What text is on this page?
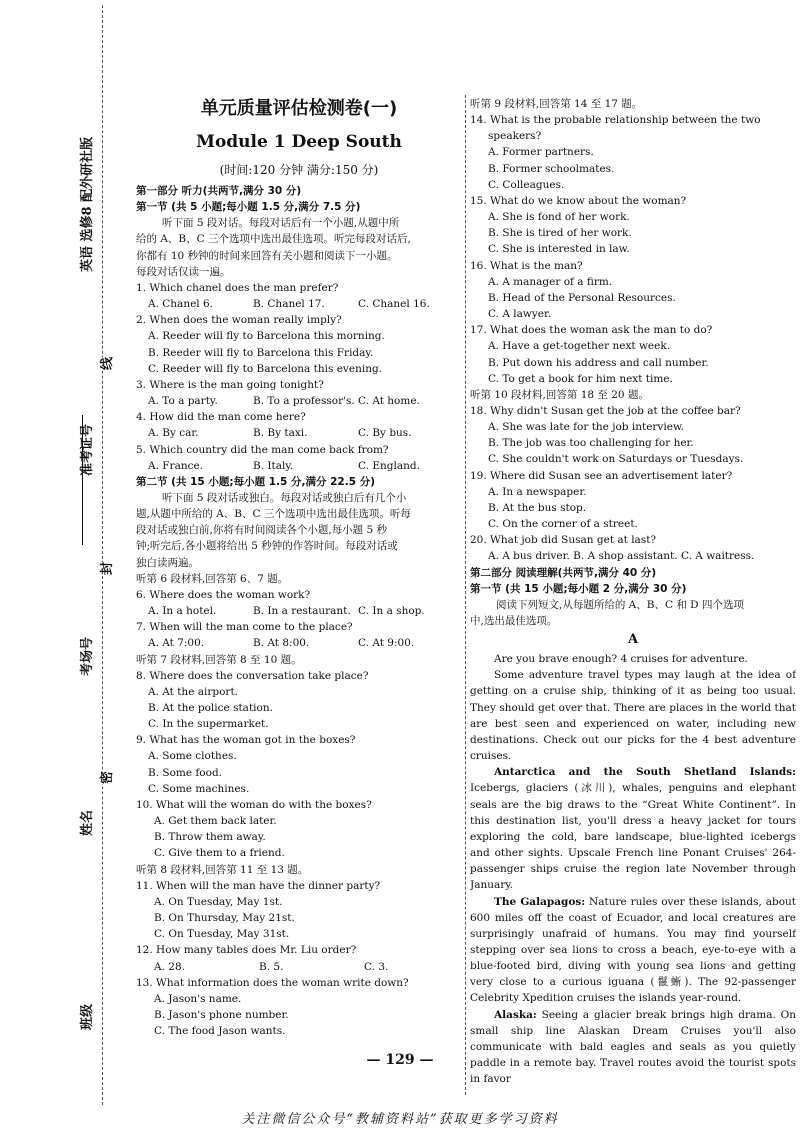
英语 选修8 配外研社版
线
准考证号
封
考场号
密
姓名
班级
单元质量评估检测卷(一)
Module 1 Deep South
(时间:120 分钟 满分:150 分)
第一部分 听力(共两节,满分 30 分)
第一节 (共 5 小题;每小题 1.5 分,满分 7.5 分)
听下面 5 段对话。每段对话后有一个小题,从题中所
给的 A、B、C 三个选项中选出最佳选项。听完每段对话后,
你都有 10 秒钟的时间来回答有关小题和阅读下一小题。
每段对话仅读一遍。
1. Which chanel does the man prefer?
A. Chanel 6.	B. Chanel 17.	C. Chanel 16.
2. When does the woman really imply?
A. Reeder will fly to Barcelona this morning.
B. Reeder will fly to Barcelona this Friday.
C. Reeder will fly to Barcelona this evening.
3. Where is the man going tonight?
A. To a party.	B. To a professor's. C. At home.
4. How did the man come here?
A. By car.	B. By taxi.	C. By bus.
5. Which country did the man come back from?
A. France.	B. Italy.	C. England.
第二节 (共 15 小题;每小题 1.5 分,满分 22.5 分)
听下面 5 段对话或独白。每段对话或独白后有几个小
题,从题中所给的 A、B、C 三个选项中选出最佳选项。听每
段对话或独白前,你将有时间阅读各个小题,每小题 5 秒
钟;听完后,各小题将给出 5 秒钟的作答时间。每段对话或
独白读两遍。
听第 6 段材料,回答第 6、7 题。
6. Where does the woman work?
A. In a hotel.	B. In a restaurant. C. In a shop.
7. When will the man come to the place?
A. At 7:00.	B. At 8:00.	C. At 9:00.
听第 7 段材料,回答第 8 至 10 题。
8. Where does the conversation take place?
A. At the airport.
B. At the police station.
C. In the supermarket.
9. What has the woman got in the boxes?
A. Some clothes.
B. Some food.
C. Some machines.
10. What will the woman do with the boxes?
A. Get them back later.
B. Throw them away.
C. Give them to a friend.
听第 8 段材料,回答第 11 至 13 题。
11. When will the man have the dinner party?
A. On Tuesday, May 1st.
B. On Thursday, May 21st.
C. On Tuesday, May 31st.
12. How many tables does Mr. Liu order?
A. 28.	B. 5.	C. 3.
13. What information does the woman write down?
A. Jason's name.
B. Jason's phone number.
C. The food Jason wants.
听第 9 段材料,回答第 14 至 17 题。
14. What is the probable relationship between the two
speakers?
A. Former partners.
B. Former schoolmates.
C. Colleagues.
15. What do we know about the woman?
A. She is fond of her work.
B. She is tired of her work.
C. She is interested in law.
16. What is the man?
A. A manager of a firm.
B. Head of the Personal Resources.
C. A lawyer.
17. What does the woman ask the man to do?
A. Have a get-together next week.
B. Put down his address and call number.
C. To get a book for him next time.
听第 10 段材料,回答第 18 至 20 题。
18. Why didn't Susan get the job at the coffee bar?
A. She was late for the job interview.
B. The job was too challenging for her.
C. She couldn't work on Saturdays or Tuesdays.
19. Where did Susan see an advertisement later?
A. In a newspaper.
B. At the bus stop.
C. On the corner of a street.
20. What job did Susan get at last?
A. A bus driver. B. A shop assistant. C. A waitress.
第二部分 阅读理解(共两节,满分 40 分)
第一节 (共 15 小题;每小题 2 分,满分 30 分)
阅读下列短文,从每题所给的 A、B、C 和 D 四个选项
中,选出最佳选项。
A
Are you brave enough? 4 cruises for adventure.
Some adventure travel types may laugh at the idea of getting on a cruise ship, thinking of it as being too usual. They should get over that. There are places in the world that are best seen and experienced on water, including new destinations. Check out our picks for the 4 best adventure cruises.
Antarctica and the South Shetland Islands: Icebergs, glaciers (冰川), whales, penguins and elephant seals are the big draws to the “Great White Continent”. In this destination list, you'll dress a heavy jacket for tours exploring the cold, bare landscape, blue-lighted icebergs and other sights. Upscale French line Ponant Cruises' 264-passenger ships cruise the region late November through January.
The Galapagos: Nature rules over these islands, about 600 miles off the coast of Ecuador, and local creatures are surprisingly unafraid of humans. You may find yourself stepping over sea lions to cross a beach, eye-to-eye with a blue-footed bird, diving with young sea lions and getting very close to a curious iguana (鬣蜥). The 92-passenger Celebrity Xpedition cruises the islands year-round.
Alaska: Seeing a glacier break brings high drama. On small ship line Alaskan Dream Cruises you'll also communicate with bald eagles and seals as you quietly paddle in a remote bay. Travel routes avoid the tourist spots in favor
— 129 —
关注微信公众号“教辅资料站”获取更多学习资料
